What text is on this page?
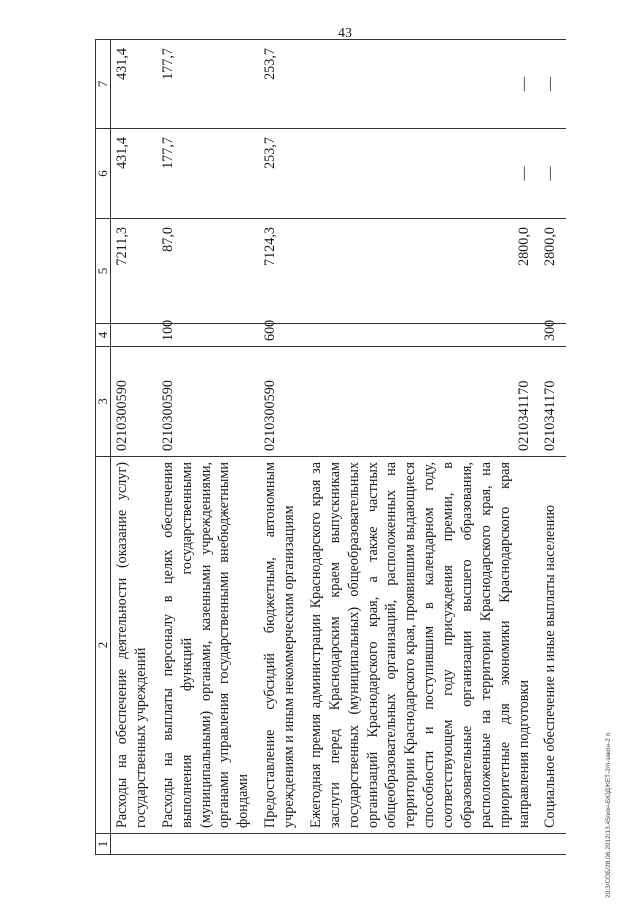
43
20.3/СОБ/28.06.2012/13.45/кон-БЮДЖЕТ-2/п-закон-2 п
1	2	3	4	5	6	7
	Расходы на обеспечение деятельности (оказание услуг) государственных учреждений	0210300590		7211,3	431,4	431,4
	Расходы на выплаты персоналу в целях обеспечения выполнения функций государственными (муниципальными) органами, казенными учреждениями, органами управления государственными внебюджетными фондами	0210300590	100	87,0	177,7	177,7
	Предоставление субсидий бюджетным, автономным учреждениям и иным некоммерческим организациям	0210300590	600	7124,3	253,7	253,7
	Ежегодная премия администрации Краснодарского края за заслуги перед Краснодарским краем выпускникам государственных (муниципальных) общеобразовательных организаций Краснодарского края, а также частных общеобразовательных организаций, расположенных на территории Краснодарского края, проявившим выдающиеся способности и поступившим в календарном году, соответствующем году присуждения премии, в образовательные организации высшего образования, расположенные на территории Краснодарского края, на приоритетные для экономики Краснодарского края направления подготовки	0210341170		2800,0	—	—
	Социальное обеспечение и иные выплаты населению	0210341170	300	2800,0	—	—
